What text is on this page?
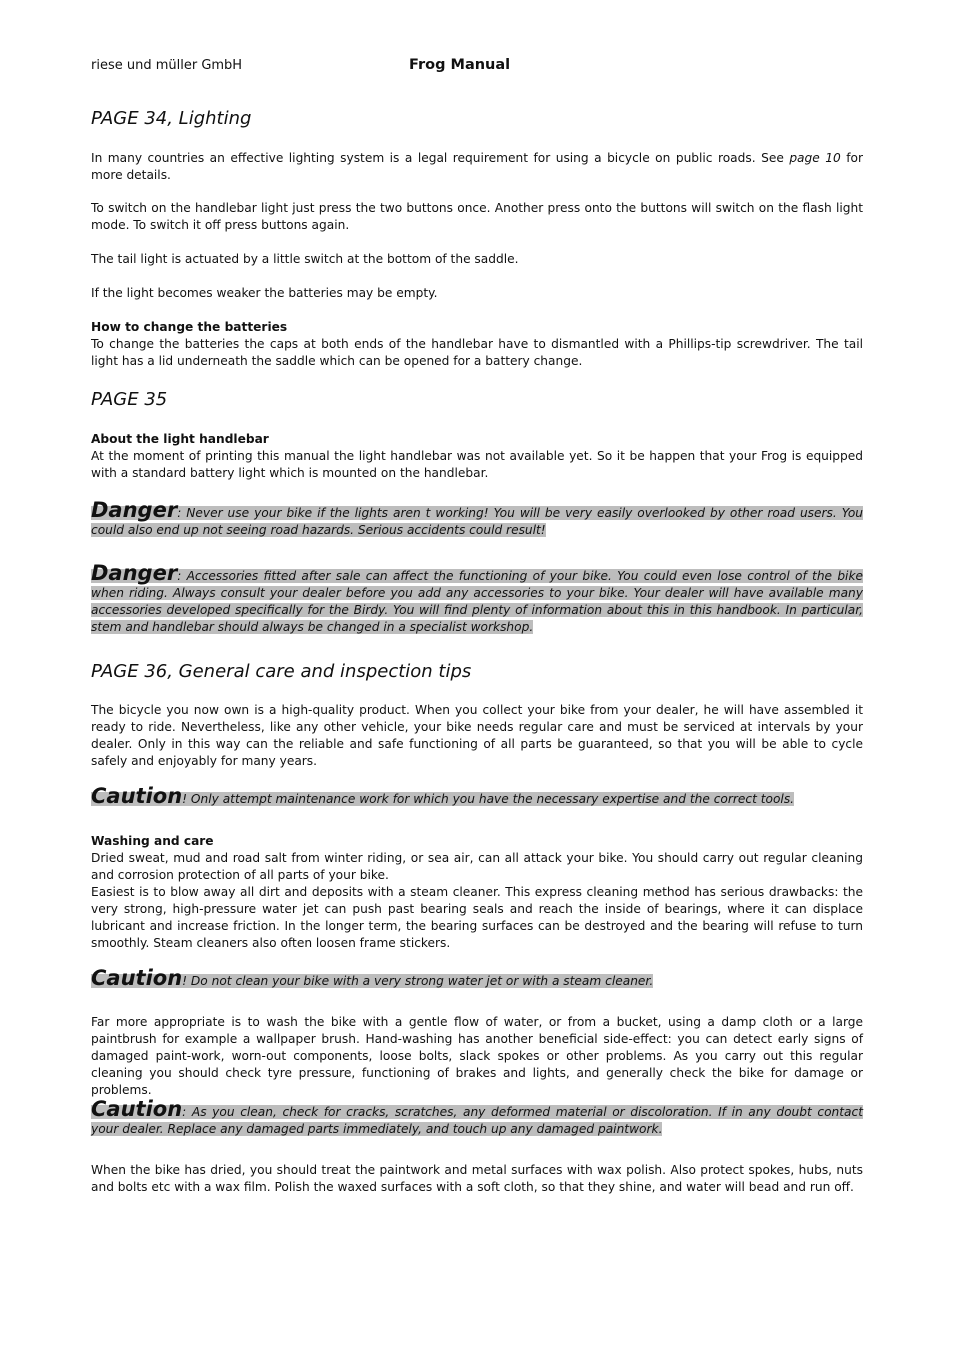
riese und müller GmbH	Frog Manual
PAGE 34, Lighting

In many countries an effective lighting system is a legal requirement for using a bicycle on public roads. See page 10 for more details.

To switch on the handlebar light just press the two buttons once. Another press onto the buttons will switch on the flash light mode. To switch it off press buttons again.

The tail light is actuated by a little switch at the bottom of the saddle.

If the light becomes weaker the batteries may be empty.

How to change the batteries
To change the batteries the caps at both ends of the handlebar have to dismantled with a Phillips-tip screwdriver. The tail light has a lid underneath the saddle which can be opened for a battery change.

PAGE 35

About the light handlebar
At the moment of printing this manual the light handlebar was not available yet. So it be happen that your Frog is equipped with a standard battery light which is mounted on the handlebar.

Danger: Never use your bike if the lights aren t working! You will be very easily overlooked by other road users. You could also end up not seeing road hazards. Serious accidents could result!

Danger: Accessories fitted after sale can affect the functioning of your bike. You could even lose control of the bike when riding. Always consult your dealer before you add any accessories to your bike. Your dealer will have available many accessories developed specifically for the Birdy. You will find plenty of information about this in this handbook. In particular, stem and handlebar should always be changed in a specialist workshop.

PAGE 36, General care and inspection tips

The bicycle you now own is a high-quality product. When you collect your bike from your dealer, he will have assembled it ready to ride. Nevertheless, like any other vehicle, your bike needs regular care and must be serviced at intervals by your dealer. Only in this way can the reliable and safe functioning of all parts be guaranteed, so that you will be able to cycle safely and enjoyably for many years.

Caution! Only attempt maintenance work for which you have the necessary expertise and the correct tools.

Washing and care
Dried sweat, mud and road salt from winter riding, or sea air, can all attack your bike. You should carry out regular cleaning and corrosion protection of all parts of your bike.
Easiest is to blow away all dirt and deposits with a steam cleaner. This express cleaning method has serious drawbacks: the very strong, high-pressure water jet can push past bearing seals and reach the inside of bearings, where it can displace lubricant and increase friction. In the longer term, the bearing surfaces can be destroyed and the bearing will refuse to turn smoothly. Steam cleaners also often loosen frame stickers.

Caution! Do not clean your bike with a very strong water jet or with a steam cleaner.

Far more appropriate is to wash the bike with a gentle flow of water, or from a bucket, using a damp cloth or a large paintbrush for example a wallpaper brush. Hand-washing has another beneficial side-effect: you can detect early signs of damaged paint-work, worn-out components, loose bolts, slack spokes or other problems. As you carry out this regular cleaning you should check tyre pressure, functioning of brakes and lights, and generally check the bike for damage or problems.

Caution: As you clean, check for cracks, scratches, any deformed material or discoloration. If in any doubt contact your dealer. Replace any damaged parts immediately, and touch up any damaged paintwork.

When the bike has dried, you should treat the paintwork and metal surfaces with wax polish. Also protect spokes, hubs, nuts and bolts etc with a wax film. Polish the waxed surfaces with a soft cloth, so that they shine, and water will bead and run off.
